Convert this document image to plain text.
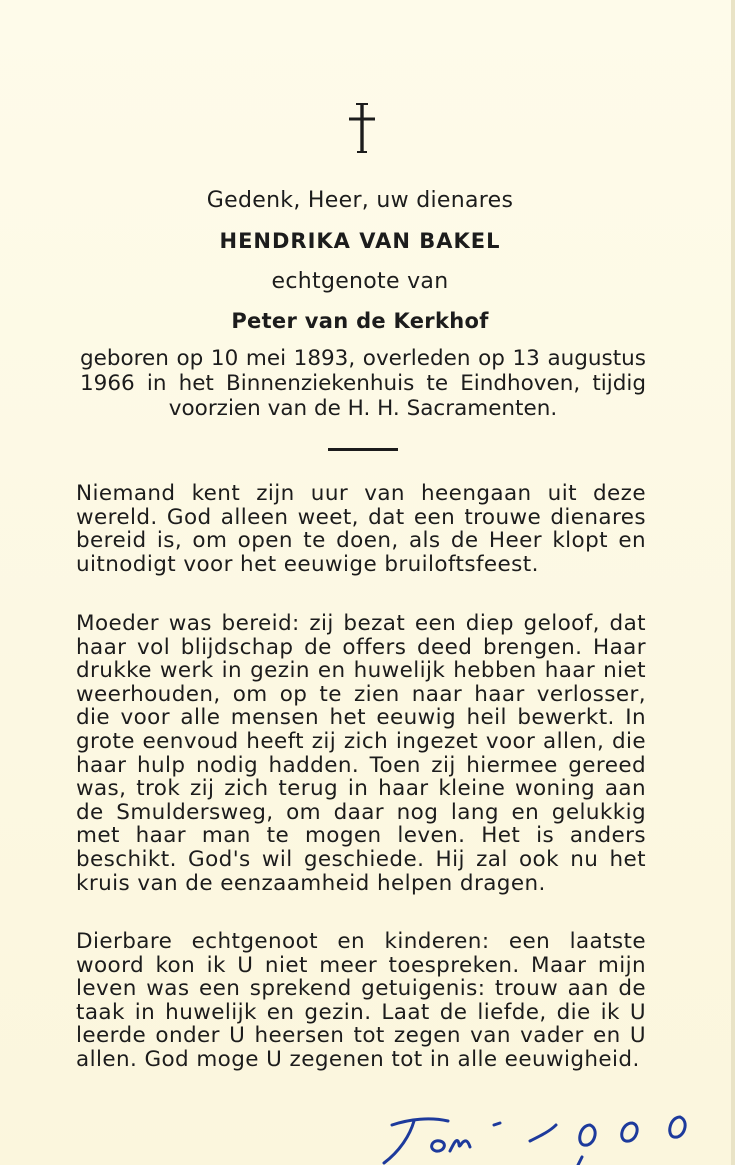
Gedenk, Heer, uw dienares

HENDRIKA VAN BAKEL

echtgenote van

Peter van de Kerkhof

geboren op 10 mei 1893, overleden op 13 augustus 1966 in het Binnenziekenhuis te Eindhoven, tijdig voorzien van de H. H. Sacramenten.

Niemand kent zijn uur van heengaan uit deze wereld. God alleen weet, dat een trouwe dienares bereid is, om open te doen, als de Heer klopt en uitnodigt voor het eeuwige bruiloftsfeest.

Moeder was bereid: zij bezat een diep geloof, dat haar vol blijdschap de offers deed brengen. Haar drukke werk in gezin en huwelijk hebben haar niet weerhouden, om op te zien naar haar verlosser, die voor alle mensen het eeuwig heil bewerkt. In grote eenvoud heeft zij zich ingezet voor allen, die haar hulp nodig hadden. Toen zij hiermee gereed was, trok zij zich terug in haar kleine woning aan de Smuldersweg, om daar nog lang en gelukkig met haar man te mogen leven. Het is anders beschikt. God's wil geschiede. Hij zal ook nu het kruis van de eenzaamheid helpen dragen.

Dierbare echtgenoot en kinderen: een laatste woord kon ik U niet meer toespreken. Maar mijn leven was een sprekend getuigenis: trouw aan de taak in huwelijk en gezin. Laat de liefde, die ik U leerde onder U heersen tot zegen van vader en U allen. God moge U zegenen tot in alle eeuwigheid.
